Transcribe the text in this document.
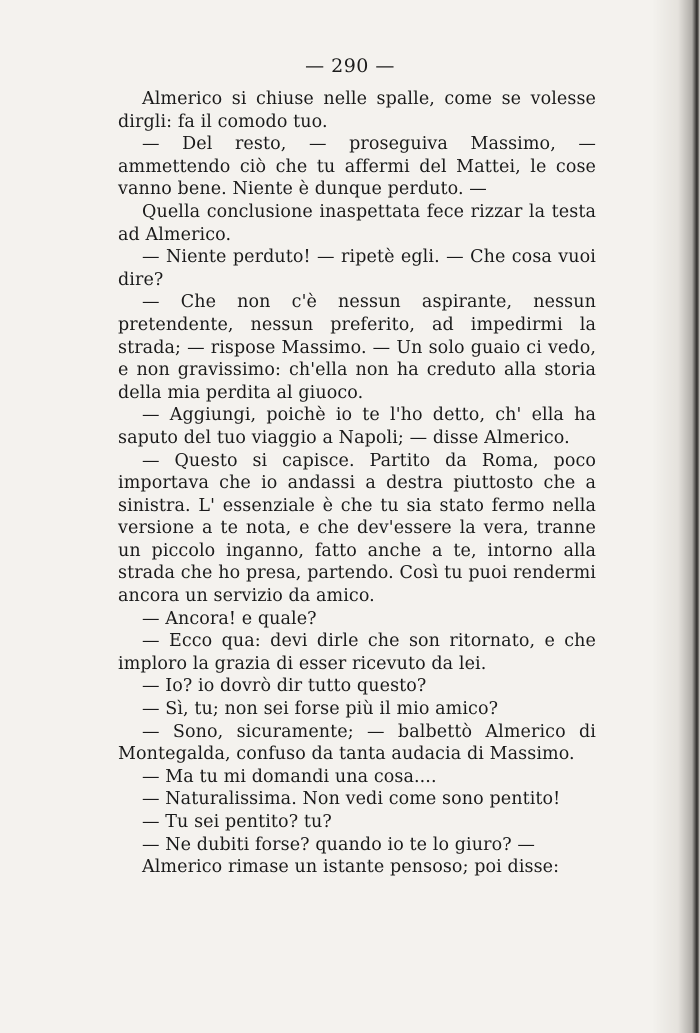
— 290 —

Almerico si chiuse nelle spalle, come se volesse dirgli: fa il comodo tuo.

— Del resto, — proseguiva Massimo, — ammettendo ciò che tu affermi del Mattei, le cose vanno bene. Niente è dunque perduto. —

Quella conclusione inaspettata fece rizzar la testa ad Almerico.

— Niente perduto! — ripetè egli. — Che cosa vuoi dire?

— Che non c'è nessun aspirante, nessun pretendente, nessun preferito, ad impedirmi la strada; — rispose Massimo. — Un solo guaio ci vedo, e non gravissimo: ch'ella non ha creduto alla storia della mia perdita al giuoco.

— Aggiungi, poichè io te l'ho detto, ch' ella ha saputo del tuo viaggio a Napoli; — disse Almerico.

— Questo si capisce. Partito da Roma, poco importava che io andassi a destra piuttosto che a sinistra. L' essenziale è che tu sia stato fermo nella versione a te nota, e che dev'essere la vera, tranne un piccolo inganno, fatto anche a te, intorno alla strada che ho presa, partendo. Così tu puoi rendermi ancora un servizio da amico.

— Ancora! e quale?

— Ecco qua: devi dirle che son ritornato, e che imploro la grazia di esser ricevuto da lei.

— Io? io dovrò dir tutto questo?

— Sì, tu; non sei forse più il mio amico?

— Sono, sicuramente; — balbettò Almerico di Montegalda, confuso da tanta audacia di Massimo.

— Ma tu mi domandi una cosa....

— Naturalissima. Non vedi come sono pentito!

— Tu sei pentito? tu?

— Ne dubiti forse? quando io te lo giuro? —

Almerico rimase un istante pensoso; poi disse:
